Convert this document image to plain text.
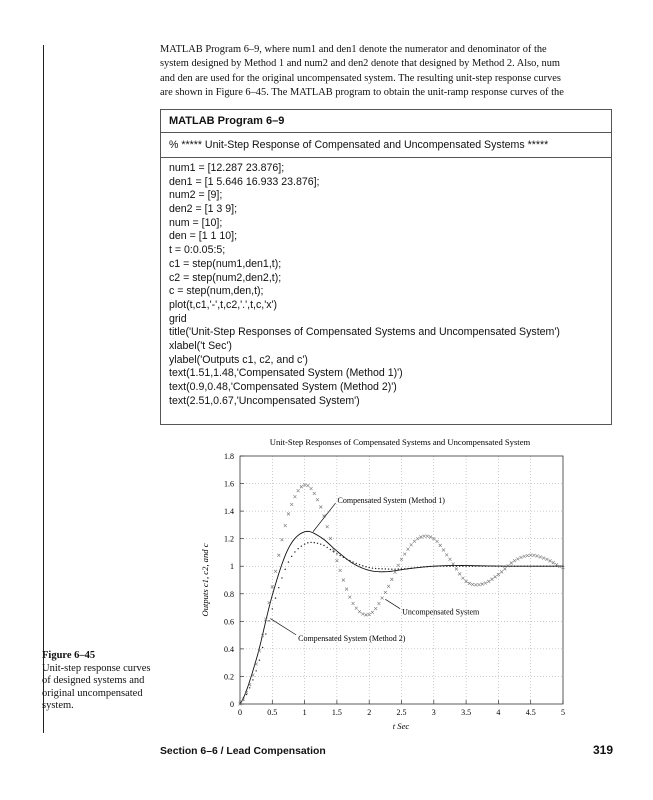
MATLAB Program 6–9, where num1 and den1 denote the numerator and denominator of the
system designed by Method 1 and num2 and den2 denote that designed by Method 2. Also, num
and den are used for the original uncompensated system. The resulting unit-step response curves
are shown in Figure 6–45. The MATLAB program to obtain the unit-ramp response curves of the
MATLAB Program 6–9
% ***** Unit-Step Response of Compensated and Uncompensated Systems *****
num1 = [12.287 23.876];
den1 = [1 5.646 16.933 23.876];
num2 = [9];
den2 = [1 3 9];
num = [10];
den = [1 1 10];
t = 0:0.05:5;
c1 = step(num1,den1,t);
c2 = step(num2,den2,t);
c = step(num,den,t);
plot(t,c1,'-',t,c2,'.',t,c,'x')
grid
title('Unit-Step Responses of Compensated Systems and Uncompensated System')
xlabel('t Sec')
ylabel('Outputs c1, c2, and c')
text(1.51,1.48,'Compensated System (Method 1)')
text(0.9,0.48,'Compensated System (Method 2)')
text(2.51,0.67,'Uncompensated System')
Unit-Step Responses of Compensated Systems and Uncompensated System
0	0.5	1	1.5	2	2.5	3	3.5	4	4.5	5
0
0.2
0.4
0.6
0.8
1
1.2
1.4
1.6
1.8
Compensated System (Method 1)
Compensated System (Method 2)
Uncompensated System
t Sec
Outputs c1, c2, and c
Figure 6–45
Unit-step response curves of designed systems and original uncompensated system.
Section 6–6 / Lead Compensation	319
